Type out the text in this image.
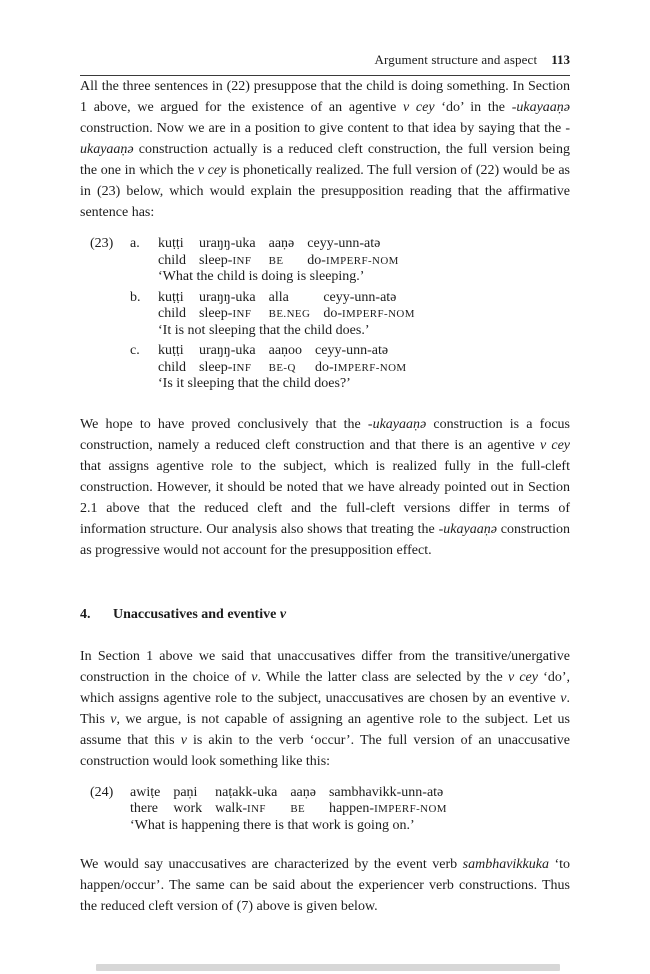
Argument structure and aspect 113

All the three sentences in (22) presuppose that the child is doing something. In Section 1 above, we argued for the existence of an agentive v cey ‘do’ in the -ukayaaṇə construction. Now we are in a position to give content to that idea by saying that the -ukayaaṇə construction actually is a reduced cleft construction, the full version being the one in which the v cey is phonetically realized. The full version of (22) would be as in (23) below, which would explain the presupposition reading that the affirmative sentence has:

(23)	a.	kuṭṭi	uraŋŋ-uka	aaṇə	ceyy-unn-atə
child	sleep-INF	BE	do-IMPERF-NOM
‘What the child is doing is sleeping.’
b.	kuṭṭi	uraŋŋ-uka	alla	ceyy-unn-atə
child	sleep-INF	BE.NEG	do-IMPERF-NOM
‘It is not sleeping that the child does.’
c.	kuṭṭi	uraŋŋ-uka	aaṇoo	ceyy-unn-atə
child	sleep-INF	BE-Q	do-IMPERF-NOM
‘Is it sleeping that the child does?’

We hope to have proved conclusively that the -ukayaaṇə construction is a focus construction, namely a reduced cleft construction and that there is an agentive v cey that assigns agentive role to the subject, which is realized fully in the full-cleft construction. However, it should be noted that we have already pointed out in Section 2.1 above that the reduced cleft and the full-cleft versions differ in terms of information structure. Our analysis also shows that treating the -ukayaaṇə construction as progressive would not account for the presupposition effect.

4. Unaccusatives and eventive v

In Section 1 above we said that unaccusatives differ from the transitive/unergative construction in the choice of v. While the latter class are selected by the v cey ‘do’, which assigns agentive role to the subject, unaccusatives are chosen by an eventive v. This v, we argue, is not capable of assigning an agentive role to the subject. Let us assume that this v is akin to the verb ‘occur’. The full version of an unaccusative construction would look something like this:

(24)	awiṭe	paṇi	naṭakk-uka	aaṇə	sambhavikk-unn-atə
there	work	walk-INF	BE	happen-IMPERF-NOM
‘What is happening there is that work is going on.’

We would say unaccusatives are characterized by the event verb sambhavikkuka ‘to happen/occur’. The same can be said about the experiencer verb constructions. Thus the reduced cleft version of (7) above is given below.
